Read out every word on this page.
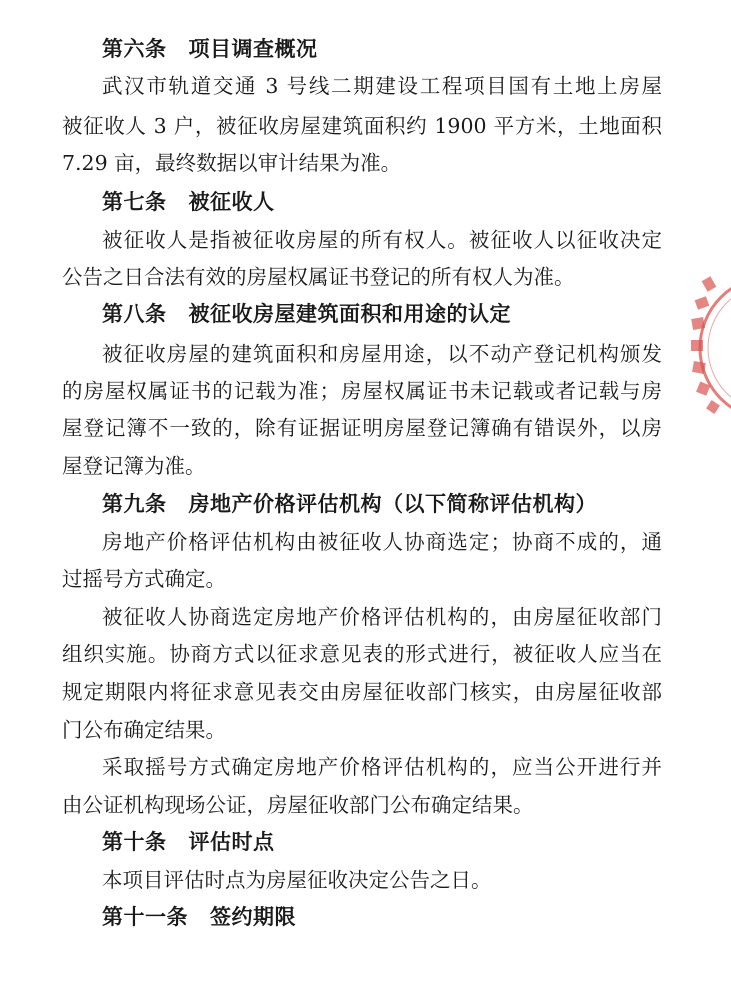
第六条 项目调查概况
武汉市轨道交通 3 号线二期建设工程项目国有土地上房屋
被征收人 3 户，被征收房屋建筑面积约 1900 平方米，土地面积
7.29 亩，最终数据以审计结果为准。
第七条 被征收人
被征收人是指被征收房屋的所有权人。被征收人以征收决定
公告之日合法有效的房屋权属证书登记的所有权人为准。
第八条 被征收房屋建筑面积和用途的认定
被征收房屋的建筑面积和房屋用途，以不动产登记机构颁发
的房屋权属证书的记载为准；房屋权属证书未记载或者记载与房
屋登记簿不一致的，除有证据证明房屋登记簿确有错误外，以房
屋登记簿为准。
第九条 房地产价格评估机构（以下简称评估机构）
房地产价格评估机构由被征收人协商选定；协商不成的，通
过摇号方式确定。
被征收人协商选定房地产价格评估机构的，由房屋征收部门
组织实施。协商方式以征求意见表的形式进行，被征收人应当在
规定期限内将征求意见表交由房屋征收部门核实，由房屋征收部
门公布确定结果。
采取摇号方式确定房地产价格评估机构的，应当公开进行并
由公证机构现场公证，房屋征收部门公布确定结果。
第十条 评估时点
本项目评估时点为房屋征收决定公告之日。
第十一条 签约期限
